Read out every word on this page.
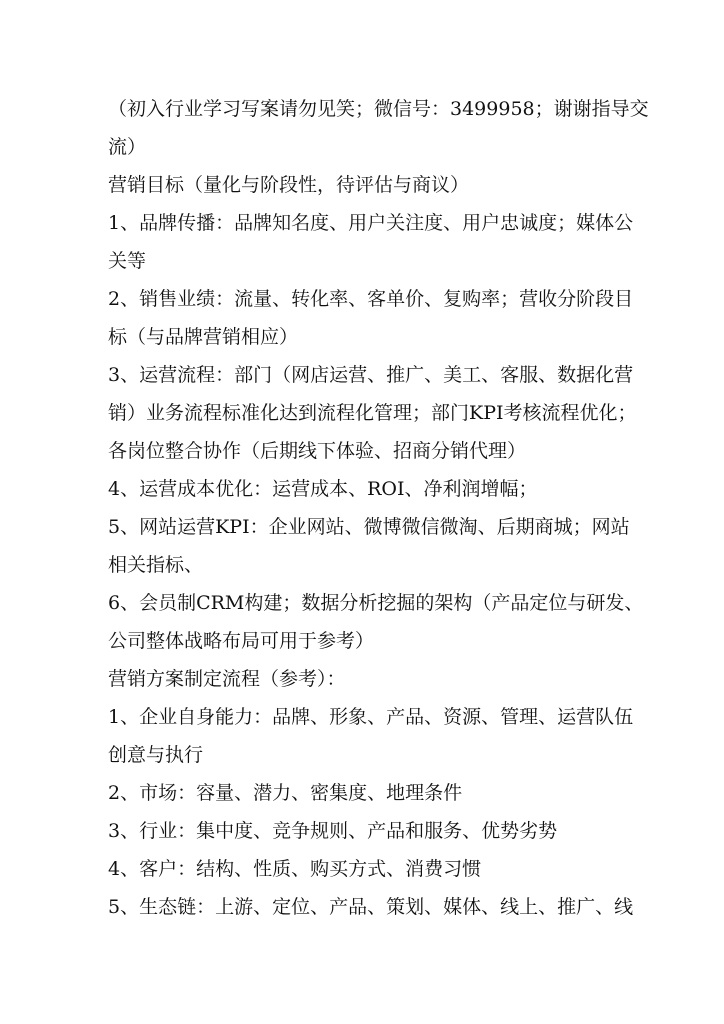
（初入行业学习写案请勿见笑；微信号：3499958；谢谢指导交
流）
营销目标（量化与阶段性，待评估与商议）
1、品牌传播：品牌知名度、用户关注度、用户忠诚度；媒体公
关等
2、销售业绩：流量、转化率、客单价、复购率；营收分阶段目
标（与品牌营销相应）
3、运营流程：部门（网店运营、推广、美工、客服、数据化营
销）业务流程标准化达到流程化管理；部门KPI考核流程优化；
各岗位整合协作（后期线下体验、招商分销代理）
4、运营成本优化：运营成本、ROI、净利润增幅；
5、网站运营KPI：企业网站、微博微信微淘、后期商城；网站
相关指标、
6、会员制CRM构建；数据分析挖掘的架构（产品定位与研发、
公司整体战略布局可用于参考）
营销方案制定流程（参考）：
1、企业自身能力：品牌、形象、产品、资源、管理、运营队伍
创意与执行
2、市场：容量、潜力、密集度、地理条件
3、行业：集中度、竞争规则、产品和服务、优势劣势
4、客户：结构、性质、购买方式、消费习惯
5、生态链：上游、定位、产品、策划、媒体、线上、推广、线
